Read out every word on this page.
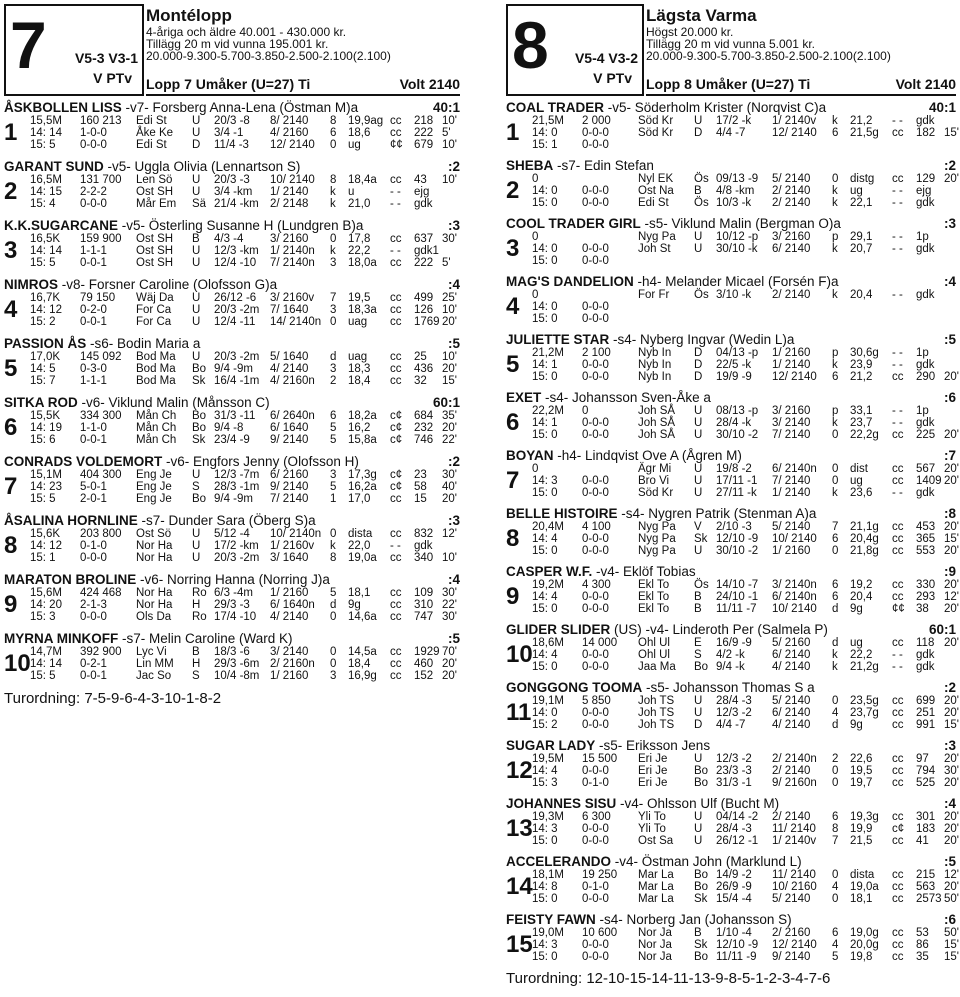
7 V5-3 V3-1
V PTv
Montélopp
4-åriga och äldre 40.001 - 430.000 kr.
Tillägg 20 m vid vunna 195.001 kr.
20.000-9.300-5.700-3.850-2.500-2.100(2.100)
Lopp 7 Umåker (U=27) Ti	Volt 2140
ÅSKBOLLEN LISS -v7- Forsberg Anna-Lena (Östman M)a	40:1
1 15,5M 160 213 Edi St U 20/3 -8 8/ 2140 8 19,9ag cc 218 10'
14: 14 1-0-0	Åke Ke U 3/4 -1 4/ 2160 6 18,6 cc 222 5'
15: 5 0-0-0	Edi St D 11/4 -3 12/ 2140 0 ug	¢¢ 679 10'
GARANT SUND -v5- Uggla Olivia (Lennartson S)	:2
2 16,5M 131 700 Len Sö U 20/3 -3 10/ 2140 8 18,4a cc 43 10'
14: 15 2-2-2	Ost SH U 3/4 -km 1/ 2140 k u	- - ejg
15: 4 0-0-0	Mår Em Sä 21/4 -km 2/ 2148 k 21,0 - - gdk
K.K.SUGARCANE -v5- Österling Susanne H (Lundgren B)a	:3
3 16,5K 159 900 Ost SH B 4/3 -4 3/ 2160 0 17,8 cc 637 30'
14: 14 1-1-1	Ost SH U 12/3 -km 1/ 2140n k 22,2 - - gdk1
15: 5 0-0-1	Ost SH U 12/4 -10 7/ 2140n 3 18,0a cc 222 5'
NIMROS -v8- Forsner Caroline (Olofsson G)a	:4
4 16,7K 79 150 Wäj Da U 26/12 -6 3/ 2160v 7 19,5 cc 499 25'
14: 12 0-2-0	For Ca U 20/3 -2m 7/ 1640 3 18,3a cc 126 10'
15: 2 0-0-1	For Ca U 12/4 -11 14/ 2140n 0 uag cc 1769 20'
PASSION ÅS -s6- Bodin Maria a	:5
5 17,0K 145 092 Bod Ma U 20/3 -2m 5/ 1640 d uag cc 25 10'
14: 5 0-3-0	Bod Ma Bo 9/4 -9m 4/ 2140 3 18,3 cc 436 20'
15: 7 1-1-1	Bod Ma Sk 16/4 -1m 4/ 2160n 2 18,4 cc 32 15'
SITKA ROD -v6- Viklund Malin (Månsson C)	60:1
6 15,5K 334 300 Mån Ch Bo 31/3 -11 6/ 2640n 6 18,2a c¢ 684 35'
14: 19 1-1-0	Mån Ch Bo 9/4 -8 6/ 1640 5 16,2 c¢ 232 20'
15: 6 0-0-1	Mån Ch Sk 23/4 -9 9/ 2140 5 15,8a c¢ 746 22'
CONRADS VOLDEMORT -v6- Engfors Jenny (Olofsson H)	:2
7 15,1M 404 300 Eng Je U 12/3 -7m 6/ 2160 3 17,3g c¢ 23 30'
14: 23 5-0-1	Eng Je S 28/3 -1m 9/ 2140 5 16,2a c¢ 58 40'
15: 5 2-0-1	Eng Je Bo 9/4 -9m 7/ 2140 1 17,0 cc 15 20'
ÅSALINA HORNLINE -s7- Dunder Sara (Öberg S)a	:3
8 15,6K 203 800 Ost Sö U 5/12 -4 10/ 2140n 0 dista cc 832 12'
14: 12 0-1-0	Nor Ha U 17/2 -km 1/ 2160v k 22,0 - - gdk
15: 1 0-0-0	Nor Ha U 20/3 -2m 3/ 1640 8 19,0a cc 340 10'
MARATON BROLINE -v6- Norring Hanna (Norring J)a	:4
9 15,6M 424 468 Nor Ha Ro 6/3 -4m 1/ 2160 5 18,1 cc 109 30'
14: 20 2-1-3	Nor Ha H 29/3 -3 6/ 1640n d 9g	cc 310 22'
15: 3 0-0-0	Ols Da Ro 17/4 -10 4/ 2140 0 14,6a cc 747 30'
MYRNA MINKOFF -s7- Melin Caroline (Ward K)	:5
10 14,7M 392 900 Lyc Vi B 18/3 -6 3/ 2140 0 14,5a cc 1929 70'
14: 14 0-2-1	Lin MM H 29/3 -6m 2/ 2160n 0 18,4 cc 460 20'
15: 5 0-0-1	Jac So S 10/4 -8m 1/ 2160 3 16,9g cc 152 20'
Turordning: 7-5-9-6-4-3-10-1-8-2
8 V5-4 V3-2
V PTv
Lägsta Varma
Högst 20.000 kr.
Tillägg 20 m vid vunna 5.001 kr.
20.000-9.300-5.700-3.850-2.500-2.100(2.100)
Lopp 8 Umåker (U=27) Ti	Volt 2140
COAL TRADER -v5- Söderholm Krister (Norqvist C)a	40:1
1 21,5M 2 000 Söd Kr U 17/2 -k 1/ 2140v k 21,2 - - gdk
14: 0 0-0-0	Söd Kr D 4/4 -7 12/ 2140 6 21,5g cc 182 15'
15: 1 0-0-0
SHEBA -s7- Edin Stefan	:2
2 0	Nyl EK Ös 09/13 -9 5/ 2140 0 distg cc 129 20'
14: 0 0-0-0	Ost Na B 4/8 -km 2/ 2140 k ug	- - ejg
15: 0 0-0-0	Edi St Ös 10/3 -k 2/ 2140 k 22,1 - - gdk
COOL TRADER GIRL -s5- Viklund Malin (Bergman O)a	:3
3 0	Nyg Pa U 10/12 -p 3/ 2160 p 29,1 - - 1p
14: 0 0-0-0	Joh St U 30/10 -k 6/ 2140 k 20,7 - - gdk
15: 0 0-0-0
MAG'S DANDELION -h4- Melander Micael (Forsén F)a	:4
4 0	For Fr Ös 3/10 -k 2/ 2140 k 20,4 - - gdk
14: 0 0-0-0
15: 0 0-0-0
JULIETTE STAR -s4- Nyberg Ingvar (Wedin L)a	:5
5 21,2M 2 100 Nyb In D 04/13 -p 1/ 2160 p 30,6g - - 1p
14: 1 0-0-0	Nyb In D 22/5 -k 1/ 2140 k 23,9 - - gdk
15: 0 0-0-0	Nyb In D 19/9 -9 12/ 2140 6 21,2 cc 290 20'
EXET -s4- Johansson Sven-Åke a	:6
6 22,2M 0	Joh SÅ U 08/13 -p 3/ 2160 p 33,1 - - 1p
14: 1 0-0-0	Joh SÅ U 28/4 -k 3/ 2140 k 23,7 - - gdk
15: 0 0-0-0	Joh SÅ U 30/10 -2 7/ 2140 0 22,2g cc 225 20'
BOYAN -h4- Lindqvist Ove A (Ågren M)	:7
7 0	Ägr Mi U 19/8 -2 6/ 2140n 0 dist cc 567 20'
14: 3 0-0-0	Bro Vi U 17/11 -1 7/ 2140 0 ug	cc 1409 20'
15: 0 0-0-0	Söd Kr U 27/11 -k 1/ 2140 k 23,6 - - gdk
BELLE HISTOIRE -s4- Nygren Patrik (Stenman A)a	:8
8 20,4M 4 100 Nyg Pa V 2/10 -3 5/ 2140 7 21,1g cc 453 20'
14: 4 0-0-0	Nyg Pa Sk 12/10 -9 10/ 2140 6 20,4g cc 365 15'
15: 0 0-0-0	Nyg Pa U 30/10 -2 1/ 2160 0 21,8g cc 553 20'
CASPER W.F. -v4- Eklöf Tobias	:9
9 19,2M 4 300 Ekl To Ös 14/10 -7 3/ 2140n 6 19,2 cc 330 20'
14: 4 0-0-0	Ekl To B 24/10 -1 6/ 2140n 6 20,4 cc 293 12'
15: 0 0-0-0	Ekl To B 11/11 -7 10/ 2140 d 9g	¢¢ 38 20'
GLIDER SLIDER (US) -v4- Linderoth Per (Salmela P)	60:1
10 18,6M 14 000 Ohl Ul E 16/9 -9 5/ 2160 d ug	cc 118 20'
14: 4 0-0-0	Ohl Ul S 4/2 -k 6/ 2140 k 22,2 - - gdk
15: 0 0-0-0	Jaa Ma Bo 9/4 -k 4/ 2140 k 21,2g - - gdk
GONGGONG TOOMA -s5- Johansson Thomas S a	:2
11 19,1M 5 850 Joh TS U 28/4 -3 5/ 2140 0 23,5g cc 699 20'
14: 0 0-0-0	Joh TS U 12/3 -2 6/ 2140 4 23,7g cc 251 20'
15: 2 0-0-0	Joh TS D 4/4 -7 4/ 2140 d 9g	cc 991 15'
SUGAR LADY -s5- Eriksson Jens	:3
12 19,5M 15 500 Eri Je U 12/3 -2 2/ 2140n 2 22,6 cc 97 20'
14: 4 0-0-0	Eri Je Bo 23/3 -3 2/ 2140 0 19,5 cc 794 30'
15: 3 0-1-0	Eri Je Bo 31/3 -1 9/ 2160n 0 19,7 cc 525 20'
JOHANNES SISU -v4- Ohlsson Ulf (Bucht M)	:4
13 19,3M 6 300 Yli To U 04/14 -2 2/ 2140 6 19,3g cc 301 20'
14: 3 0-0-0	Yli To U 28/4 -3 11/ 2140 8 19,9 c¢ 183 20'
15: 0 0-0-0	Ost Sa U 26/12 -1 1/ 2140v 7 21,5 cc 41 20'
ACCELERANDO -v4- Östman John (Marklund L)	:5
14 18,1M 19 250 Mar La Bo 14/9 -2 11/ 2140 0 dista cc 215 12'
14: 8 0-1-0	Mar La Bo 26/9 -9 10/ 2160 4 19,0a cc 563 20'
15: 0 0-0-0	Mar La Sk 15/4 -4 5/ 2140 0 18,1 cc 2573 50'
FEISTY FAWN -s4- Norberg Jan (Johansson S)	:6
15 19,0M 10 600 Nor Ja B 1/10 -4 2/ 2160 6 19,0g cc 53 50'
14: 3 0-0-0	Nor Ja Sk 12/10 -9 12/ 2140 4 20,0g cc 86 15'
15: 0 0-0-0	Nor Ja Bo 11/11 -9 9/ 2140 5 19,8 cc 35 15'
Turordning: 12-10-15-14-11-13-9-8-5-1-2-3-4-7-6
